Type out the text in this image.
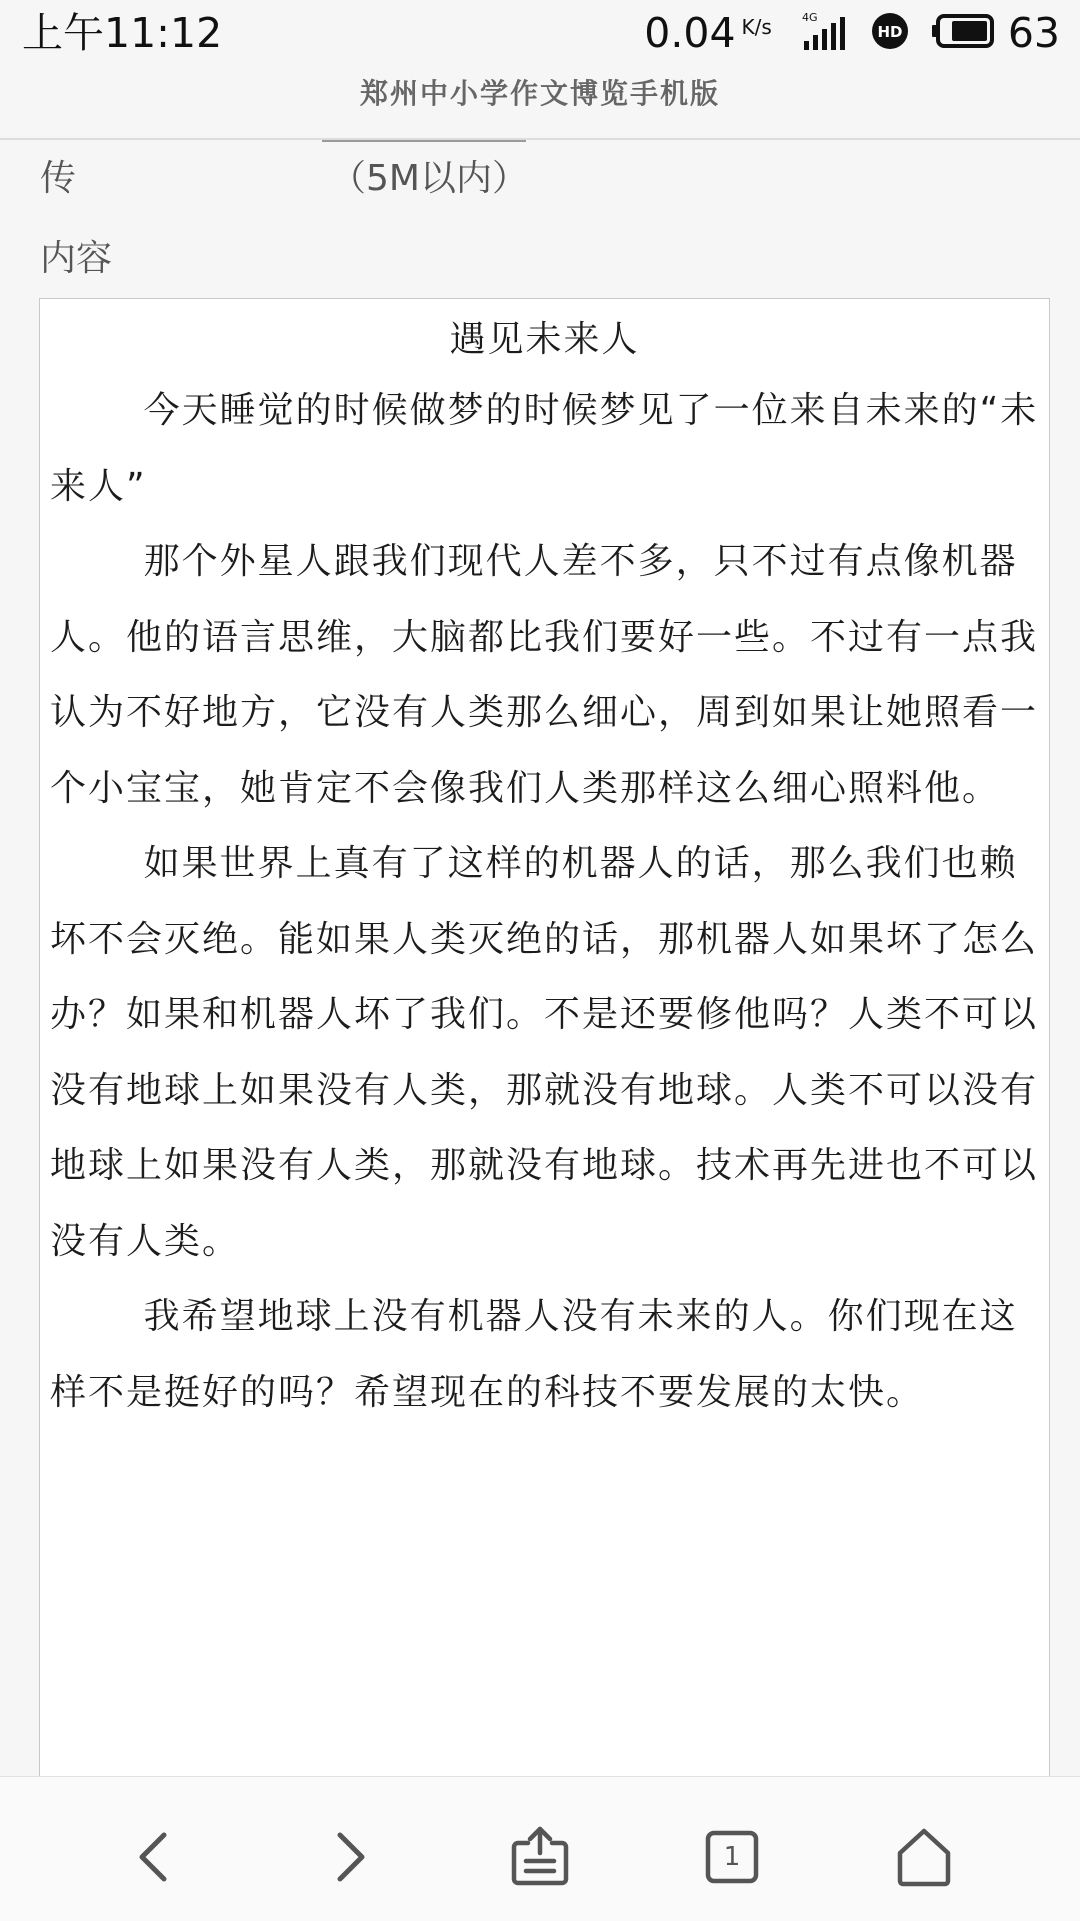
上午11:12	0.04 K/s	4G
HD	63
郑州中小学作文博览手机版
传	（5M以内）
内容
遇见未来人

今天睡觉的时候做梦的时候梦见了一位来自未来的“未来人”

那个外星人跟我们现代人差不多，只不过有点像机器人。他的语言思维，大脑都比我们要好一些。不过有一点我认为不好地方，它没有人类那么细心，周到如果让她照看一个小宝宝，她肯定不会像我们人类那样这么细心照料他。

如果世界上真有了这样的机器人的话，那么我们也赖坏不会灭绝。能如果人类灭绝的话，那机器人如果坏了怎么办？如果和机器人坏了我们。不是还要修他吗？人类不可以没有地球上如果没有人类，那就没有地球。人类不可以没有地球上如果没有人类，那就没有地球。技术再先进也不可以没有人类。

我希望地球上没有机器人没有未来的人。你们现在这样不是挺好的吗？希望现在的科技不要发展的太快。

1
